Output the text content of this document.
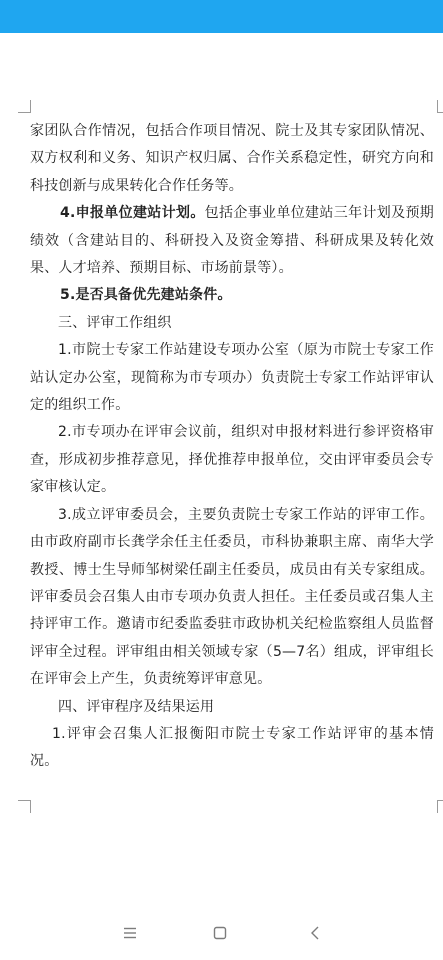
家团队合作情况，包括合作项目情况、院士及其专家团队情况、双方权利和义务、知识产权归属、合作关系稳定性，研究方向和科技创新与成果转化合作任务等。

4.申报单位建站计划。包括企事业单位建站三年计划及预期绩效（含建站目的、科研投入及资金筹措、科研成果及转化效果、人才培养、预期目标、市场前景等）。

5.是否具备优先建站条件。

三、评审工作组织

1.市院士专家工作站建设专项办公室（原为市院士专家工作站认定办公室，现简称为市专项办）负责院士专家工作站评审认定的组织工作。

2.市专项办在评审会议前，组织对申报材料进行参评资格审查，形成初步推荐意见，择优推荐申报单位，交由评审委员会专家审核认定。

3.成立评审委员会，主要负责院士专家工作站的评审工作。由市政府副市长龚学余任主任委员，市科协兼职主席、南华大学教授、博士生导师邹树梁任副主任委员，成员由有关专家组成。评审委员会召集人由市专项办负责人担任。主任委员或召集人主持评审工作。邀请市纪委监委驻市政协机关纪检监察组人员监督评审全过程。评审组由相关领域专家（5—7名）组成，评审组长在评审会上产生，负责统筹评审意见。

四、评审程序及结果运用

1.评审会召集人汇报衡阳市院士专家工作站评审的基本情况。
